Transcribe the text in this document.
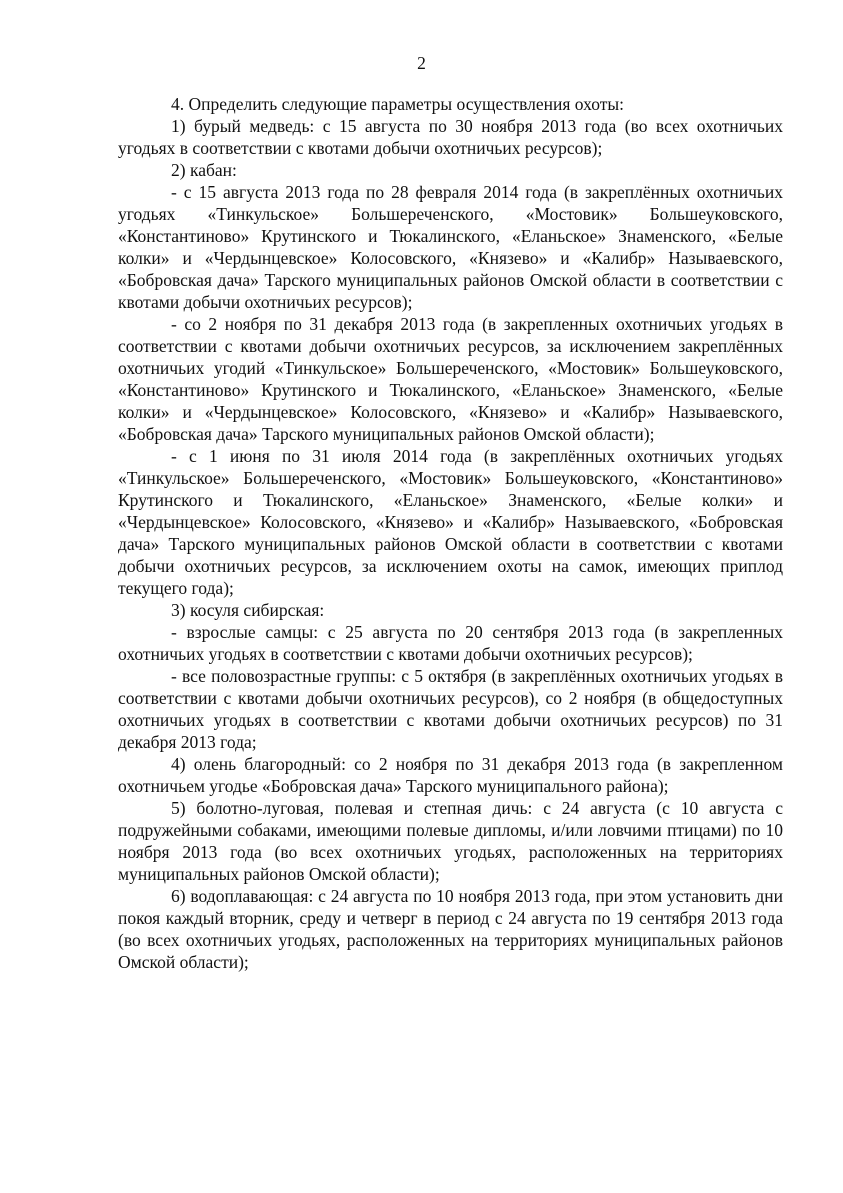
2

4. Определить следующие параметры осуществления охоты:

1) бурый медведь: с 15 августа по 30 ноября 2013 года (во всех охотничьих угодьях в соответствии с квотами добычи охотничьих ресурсов);

2) кабан:

- с 15 августа 2013 года по 28 февраля 2014 года (в закреплённых охотничьих угодьях «Тинкульское» Большереченского, «Мостовик» Большеуковского, «Константиново» Крутинского и Тюкалинского, «Еланьское» Знаменского, «Белые колки» и «Чердынцевское» Колосовского, «Князево» и «Калибр» Называевского, «Бобровская дача» Тарского муниципальных районов Омской области в соответствии с квотами добычи охотничьих ресурсов);

- со 2 ноября по 31 декабря 2013 года (в закрепленных охотничьих угодьях в соответствии с квотами добычи охотничьих ресурсов, за исключением закреплённых охотничьих угодий «Тинкульское» Большереченского, «Мостовик» Большеуковского, «Константиново» Крутинского и Тюкалинского, «Еланьское» Знаменского, «Белые колки» и «Чердынцевское» Колосовского, «Князево» и «Калибр» Называевского, «Бобровская дача» Тарского муниципальных районов Омской области);

- с 1 июня по 31 июля 2014 года (в закреплённых охотничьих угодьях «Тинкульское» Большереченского, «Мостовик» Большеуковского, «Константиново» Крутинского и Тюкалинского, «Еланьское» Знаменского, «Белые колки» и «Чердынцевское» Колосовского, «Князево» и «Калибр» Называевского, «Бобровская дача» Тарского муниципальных районов Омской области в соответствии с квотами добычи охотничьих ресурсов, за исключением охоты на самок, имеющих приплод текущего года);

3) косуля сибирская:

- взрослые самцы: с 25 августа по 20 сентября 2013 года (в закрепленных охотничьих угодьях в соответствии с квотами добычи охотничьих ресурсов);

- все половозрастные группы: с 5 октября (в закреплённых охотничьих угодьях в соответствии с квотами добычи охотничьих ресурсов), со 2 ноября (в общедоступных охотничьих угодьях в соответствии с квотами добычи охотничьих ресурсов) по 31 декабря 2013 года;

4) олень благородный: со 2 ноября по 31 декабря 2013 года (в закрепленном охотничьем угодье «Бобровская дача» Тарского муниципального района);

5) болотно-луговая, полевая и степная дичь: с 24 августа (с 10 августа с подружейными собаками, имеющими полевые дипломы, и/или ловчими птицами) по 10 ноября 2013 года (во всех охотничьих угодьях, расположенных на территориях муниципальных районов Омской области);

6) водоплавающая: с 24 августа по 10 ноября 2013 года, при этом установить дни покоя каждый вторник, среду и четверг в период с 24 августа по 19 сентября 2013 года (во всех охотничьих угодьях, расположенных на территориях муниципальных районов Омской области);
